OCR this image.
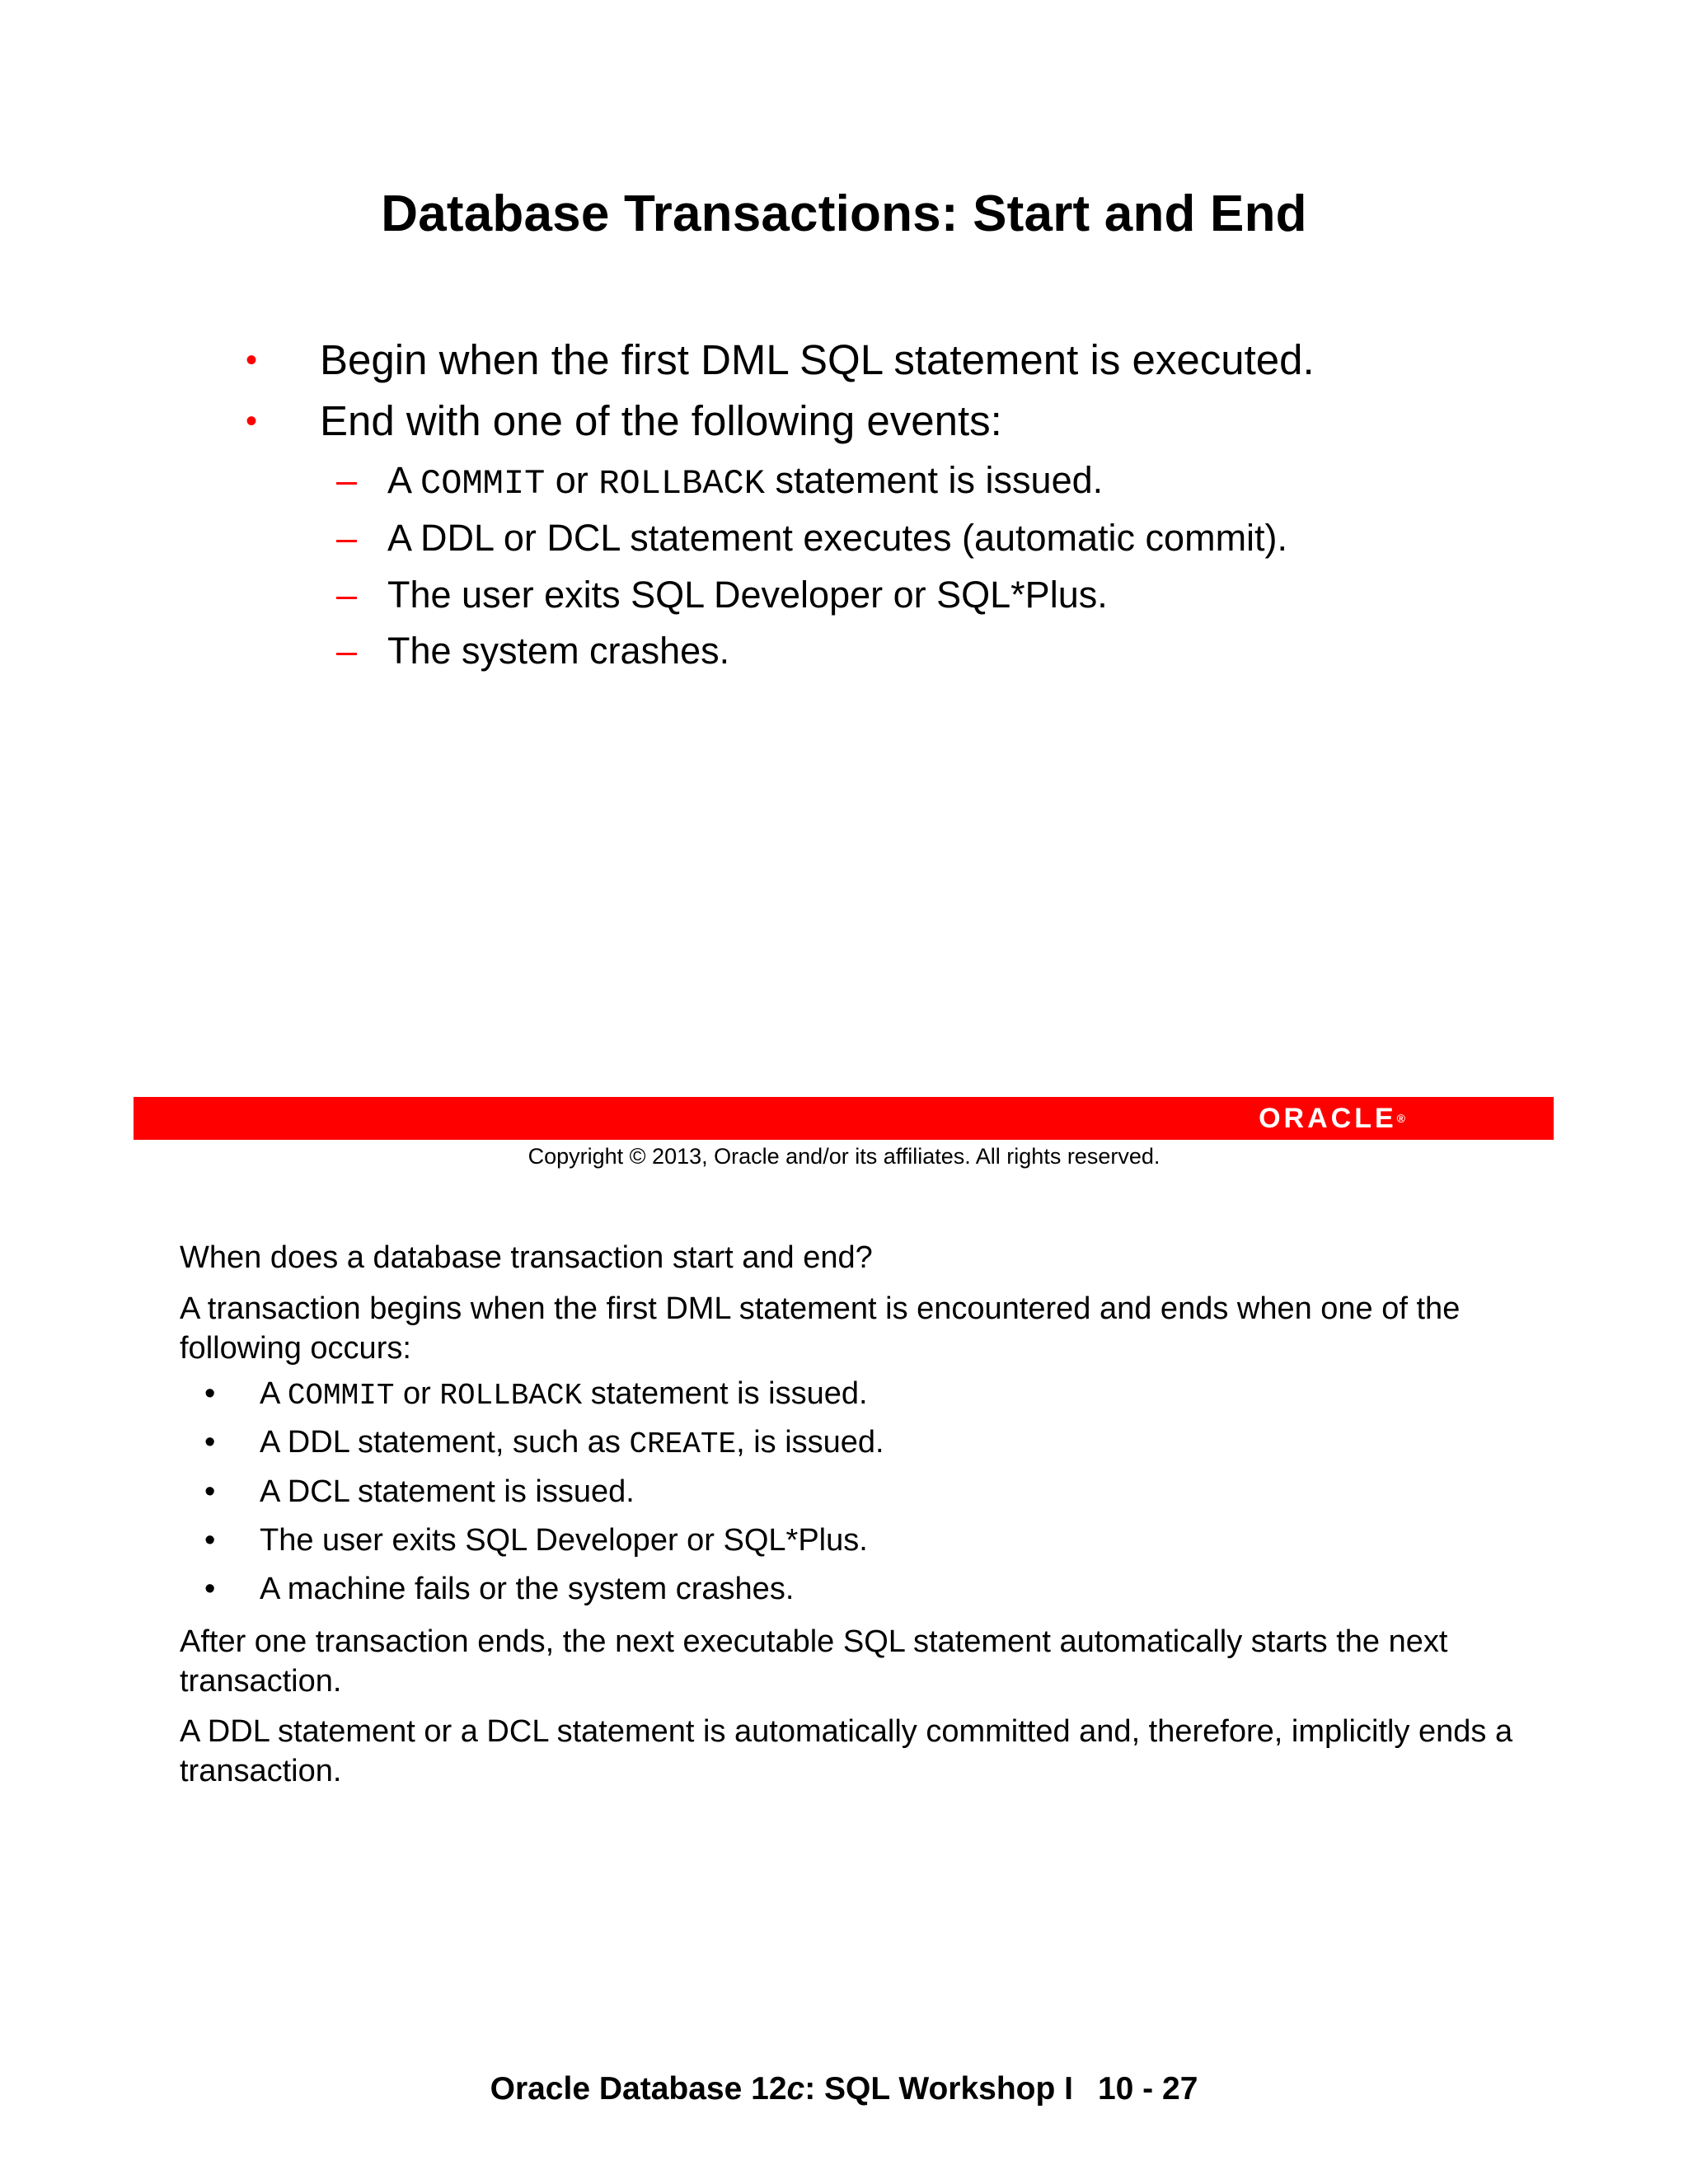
Database Transactions: Start and End
• Begin when the first DML SQL statement is executed.
• End with one of the following events:
– A COMMIT or ROLLBACK statement is issued.
– A DDL or DCL statement executes (automatic commit).
– The user exits SQL Developer or SQL*Plus.
– The system crashes.
ORACLE®
Copyright © 2013, Oracle and/or its affiliates. All rights reserved.
When does a database transaction start and end?
A transaction begins when the first DML statement is encountered and ends when one of the following occurs:
• A COMMIT or ROLLBACK statement is issued.
• A DDL statement, such as CREATE, is issued.
• A DCL statement is issued.
• The user exits SQL Developer or SQL*Plus.
• A machine fails or the system crashes.
After one transaction ends, the next executable SQL statement automatically starts the next transaction.
A DDL statement or a DCL statement is automatically committed and, therefore, implicitly ends a transaction.
Oracle Database 12c: SQL Workshop I 10 - 27
